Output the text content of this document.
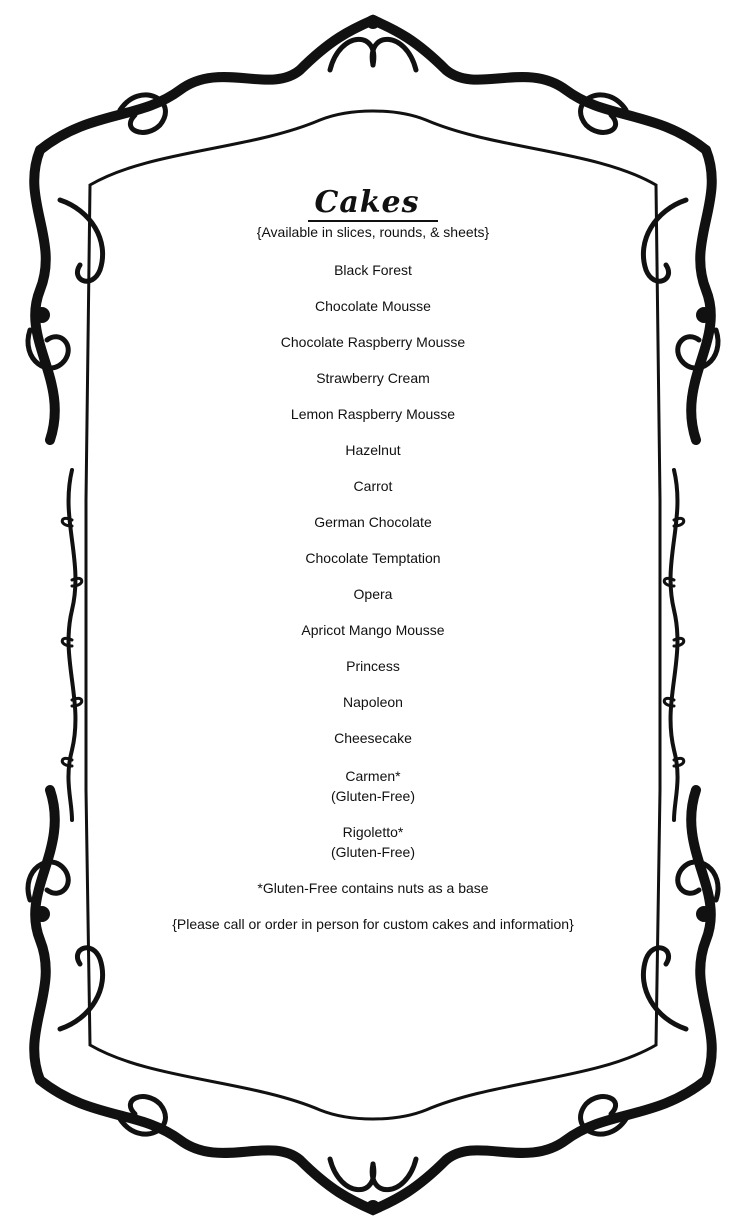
Cakes

{Available in slices, rounds, & sheets}

Black Forest

Chocolate Mousse

Chocolate Raspberry Mousse

Strawberry Cream

Lemon Raspberry Mousse

Hazelnut

Carrot

German Chocolate

Chocolate Temptation

Opera

Apricot Mango Mousse

Princess

Napoleon

Cheesecake

Carmen*

(Gluten-Free)

Rigoletto*

(Gluten-Free)

*Gluten-Free contains nuts as a base

{Please call or order in person for custom cakes and information}
